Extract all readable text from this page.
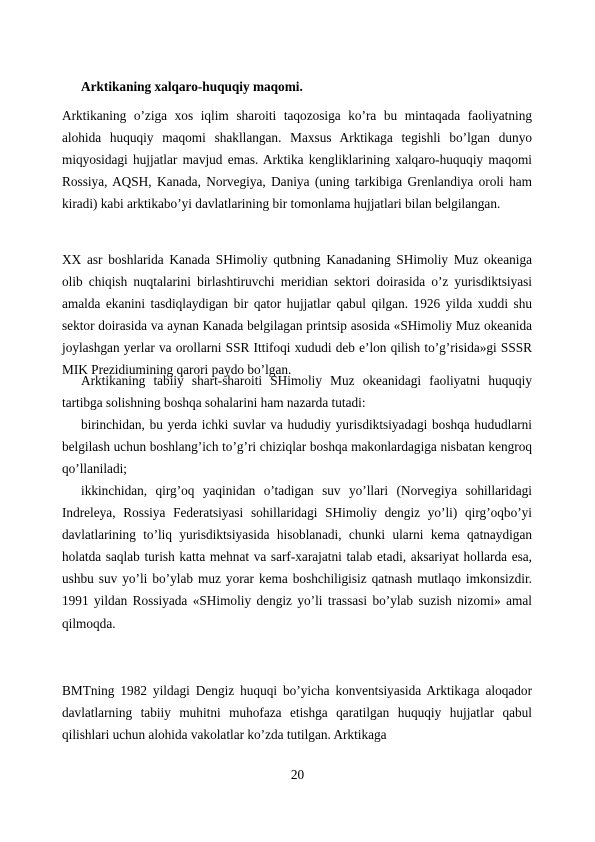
Arktikaning xalqaro-huquqiy maqomi.

Arktikaning o’ziga xos iqlim sharoiti taqozosiga ko’ra bu mintaqada faoliyatning alohida huquqiy maqomi shakllangan. Maxsus Arktikaga tegishli bo’lgan dunyo miqyosidagi hujjatlar mavjud emas. Arktika kengliklarining xalqaro-huquqiy maqomi Rossiya, AQSH, Kanada, Norvegiya, Daniya (uning tarkibiga Grenlandiya oroli ham kiradi) kabi arktikabo’yi davlatlarining bir tomonlama hujjatlari bilan belgilangan.

XX asr boshlarida Kanada SHimoliy qutbning Kanadaning SHimoliy Muz okeaniga olib chiqish nuqtalarini birlashtiruvchi meridian sektori doirasida o’z yurisdiktsiyasi amalda ekanini tasdiqlaydigan bir qator hujjatlar qabul qilgan. 1926 yilda xuddi shu sektor doirasida va aynan Kanada belgilagan printsip asosida «SHimoliy Muz okeanida joylashgan yerlar va orollarni SSR Ittifoqi xududi deb e’lon qilish to’g’risida»gi SSSR MIK Prezidiumining qarori paydo bo’lgan.

Arktikaning tabiiy shart-sharoiti SHimoliy Muz okeanidagi faoliyatni huquqiy tartibga solishning boshqa sohalarini ham nazarda tutadi:

birinchidan, bu yerda ichki suvlar va hududiy yurisdiktsiyadagi boshqa hududlarni belgilash uchun boshlang’ich to’g’ri chiziqlar boshqa makonlardagiga nisbatan kengroq qo’llaniladi;

ikkinchidan, qirg’oq yaqinidan o’tadigan suv yo’llari (Norvegiya sohillaridagi Indreleya, Rossiya Federatsiyasi sohillaridagi SHimoliy dengiz yo’li) qirg’oqbo’yi davlatlarining to’liq yurisdiktsiyasida hisoblanadi, chunki ularni kema qatnaydigan holatda saqlab turish katta mehnat va sarf-xarajatni talab etadi, aksariyat hollarda esa, ushbu suv yo’li bo’ylab muz yorar kema boshchiligisiz qatnash mutlaqo imkonsizdir. 1991 yildan Rossiyada «SHimoliy dengiz yo’li trassasi bo’ylab suzish nizomi» amal qilmoqda.

BMTning 1982 yildagi Dengiz huquqi bo’yicha konventsiyasida Arktikaga aloqador davlatlarning tabiiy muhitni muhofaza etishga qaratilgan huquqiy hujjatlar qabul qilishlari uchun alohida vakolatlar ko’zda tutilgan. Arktikaga

20
